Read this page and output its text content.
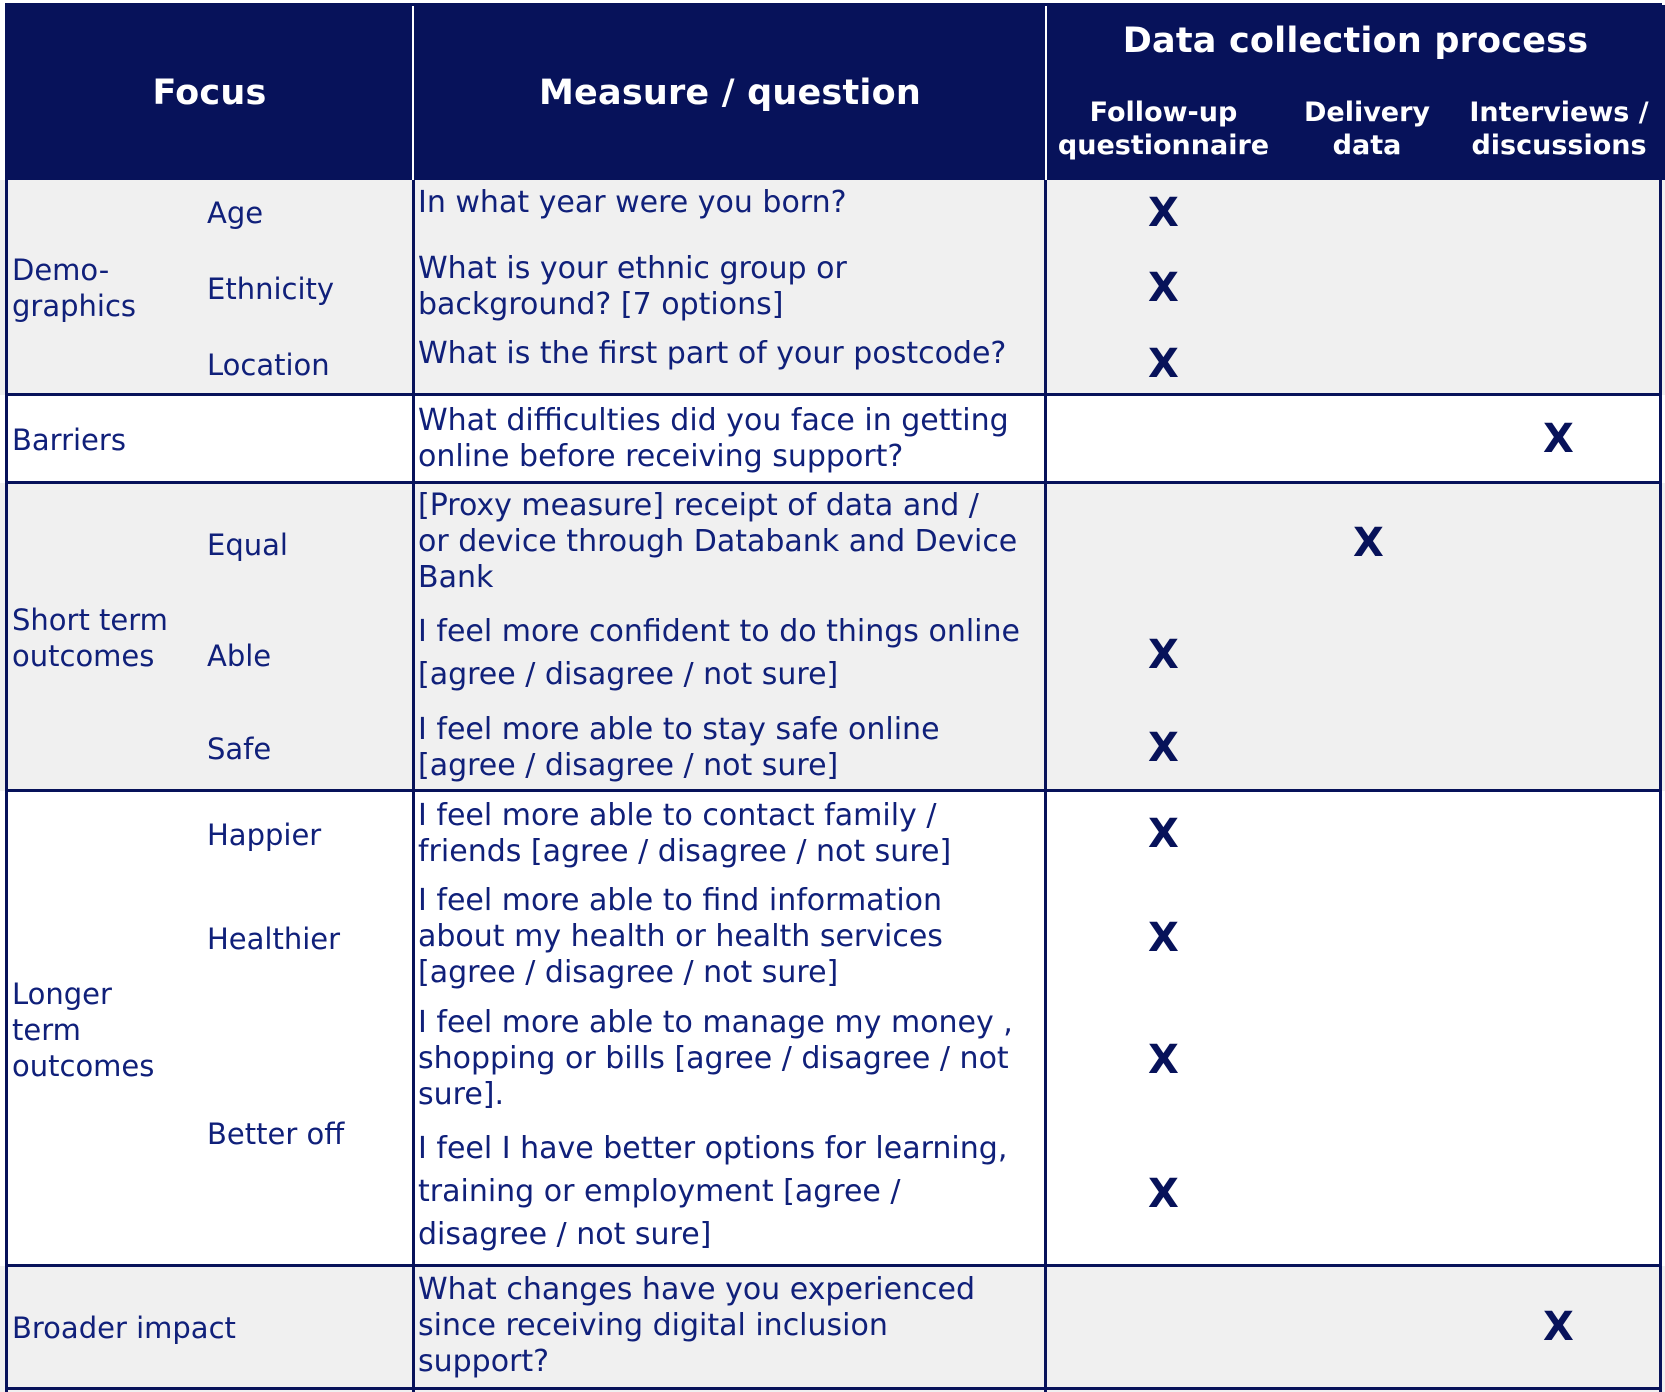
Focus	Measure / question
Data collection process
Follow-up
questionnaire
Delivery
data
Interviews /
discussions
Demo-
graphics
Barriers
Short term
outcomes
Longer
term
outcomes
Broader impact
Age
Ethnicity
Location
Equal
Able
Safe
Happier
Healthier
Better off
In what year were you born?
What is your ethnic group or
background? [7 options]
What is the first part of your postcode?
What difficulties did you face in getting
online before receiving support?
[Proxy measure] receipt of data and /
or device through Databank and Device
Bank
I feel more confident to do things online
[agree / disagree / not sure]
I feel more able to stay safe online
[agree / disagree / not sure]
I feel more able to contact family /
friends [agree / disagree / not sure]
I feel more able to find information
about my health or health services
[agree / disagree / not sure]
I feel more able to manage my money ,
shopping or bills [agree / disagree / not
sure].
I feel I have better options for learning,
training or employment [agree /
disagree / not sure]
What changes have you experienced
since receiving digital inclusion
support?
X
X
X
X
X
X
X
X
X
X
X
X
